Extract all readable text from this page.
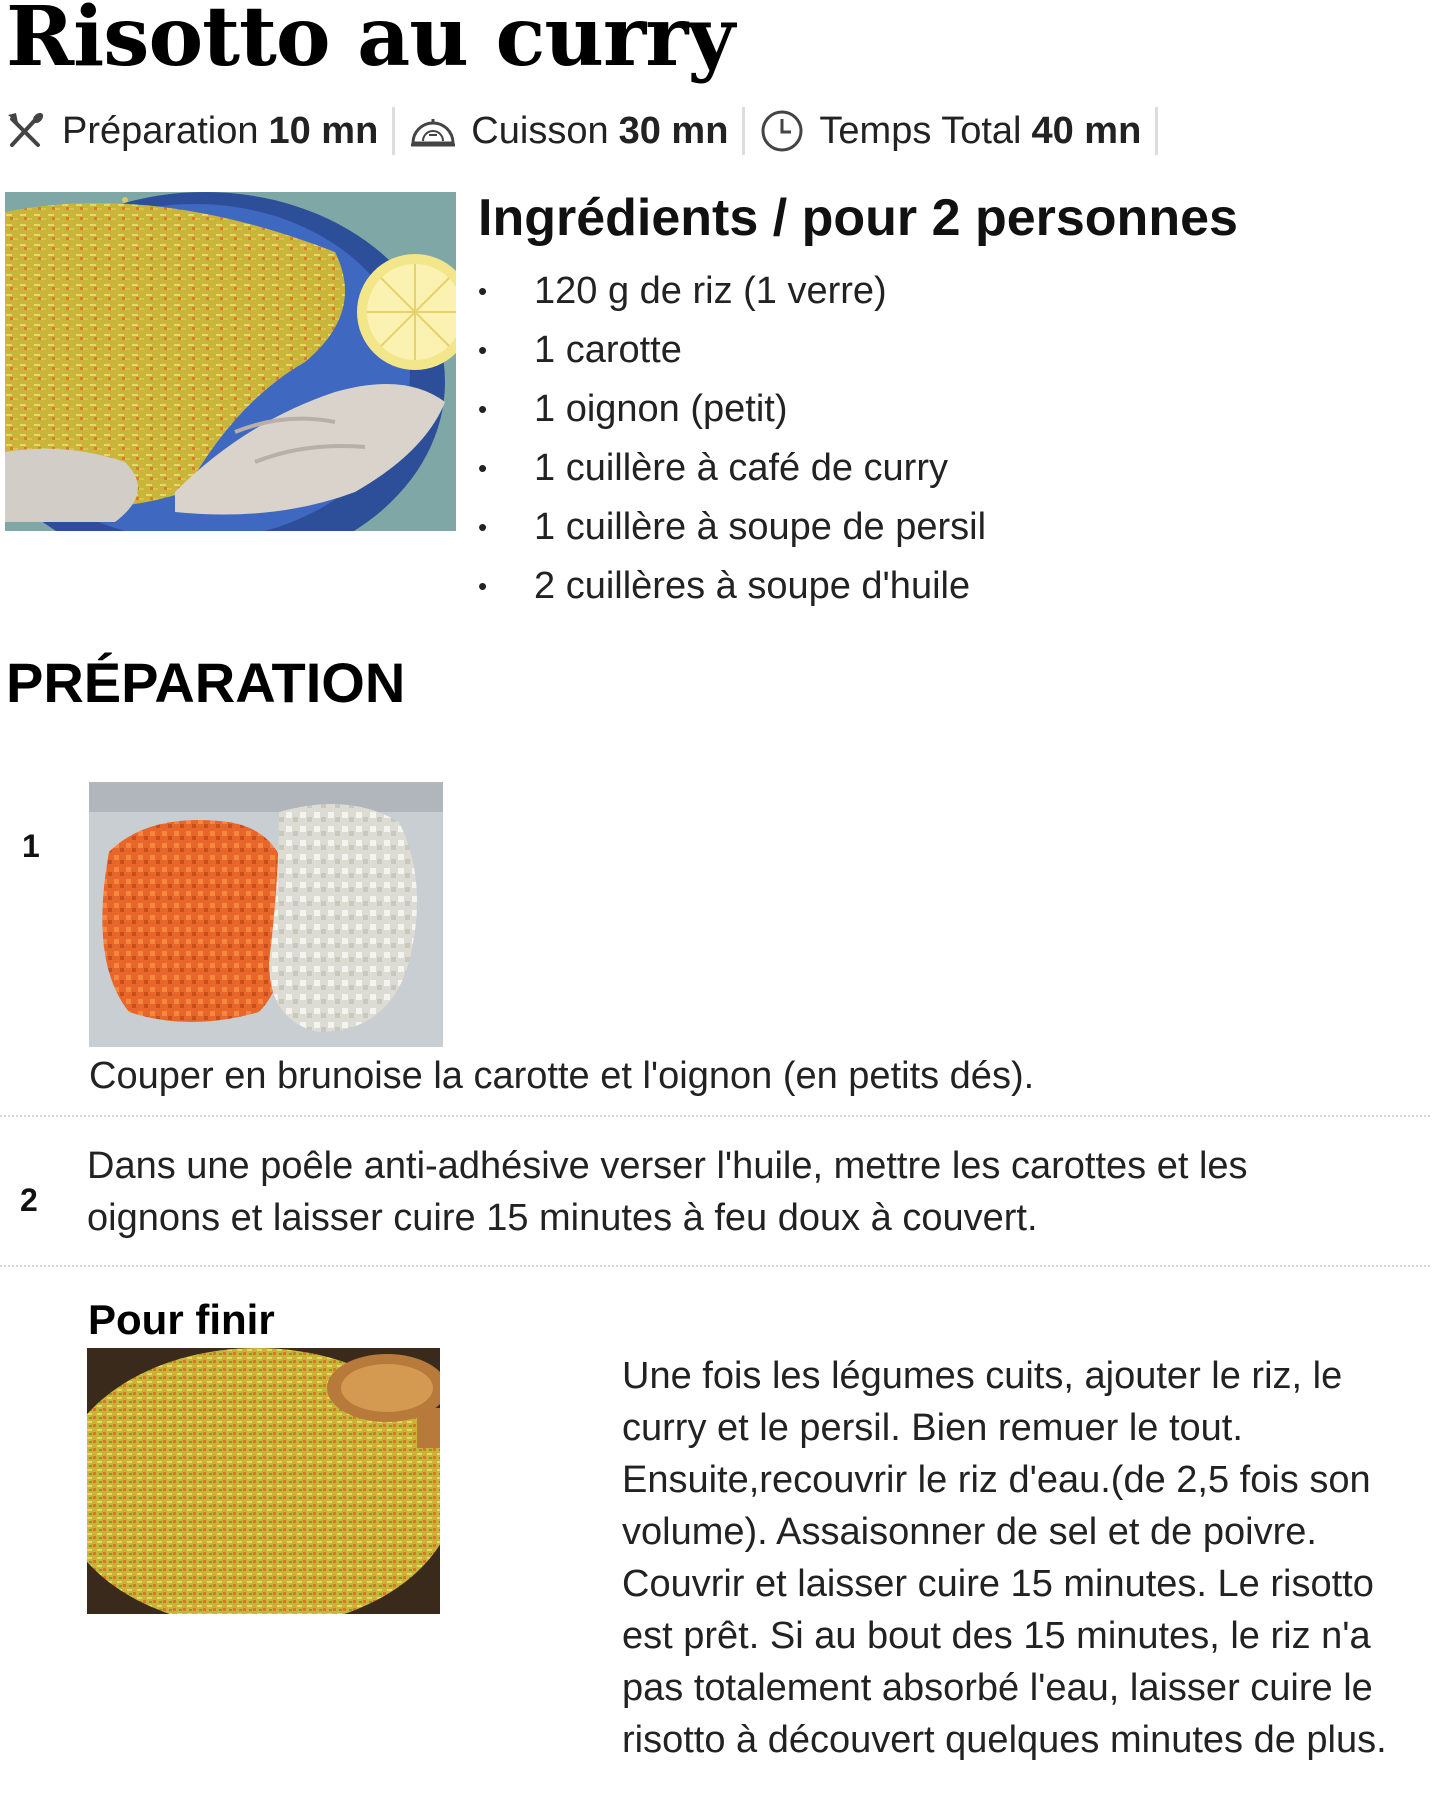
Risotto au curry
Préparation 10 mn Cuisson 30 mn Temps Total 40 mn
Ingrédients / pour 2 personnes
•	120 g de riz (1 verre)
•	1 carotte
•	1 oignon (petit)
•	1 cuillère à café de curry
•	1 cuillère à soupe de persil
•	2 cuillères à soupe d'huile
PRÉPARATION
1

Couper en brunoise la carotte et l'oignon (en petits dés).

2

Dans une poêle anti-adhésive verser l'huile, mettre les carottes et les oignons et laisser cuire 15 minutes à feu doux à couvert.

Pour finir

Une fois les légumes cuits, ajouter le riz, le curry et le persil. Bien remuer le tout. Ensuite,recouvrir le riz d'eau.(de 2,5 fois son volume). Assaisonner de sel et de poivre. Couvrir et laisser cuire 15 minutes. Le risotto est prêt. Si au bout des 15 minutes, le riz n'a pas totalement absorbé l'eau, laisser cuire le risotto à découvert quelques minutes de plus.
